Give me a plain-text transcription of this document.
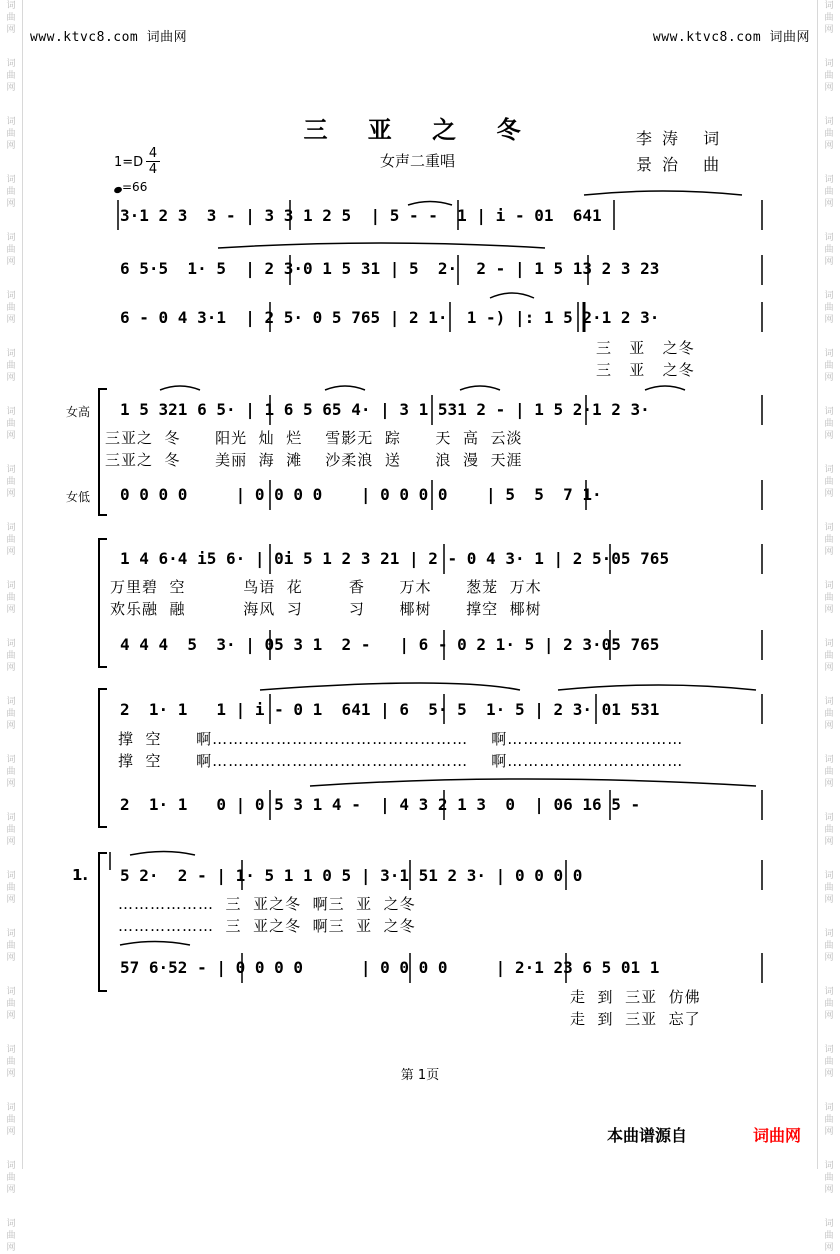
词
曲
网
词
曲
网
词
曲
网
词
曲
网
词
曲
网
词
曲
网
词
曲
网
词
曲
网
词
曲
网
词
曲
网
词
曲
网
词
曲
网
词
曲
网
词
曲
网
词
曲
网
词
曲
网
词
曲
网
词
曲
网
词
曲
网
词
曲
网
词
曲
网
词
曲
网
词
曲
网
词
曲
网
词
曲
网
词
曲
网
词
曲
网
词
曲
网
词
曲
网
词
曲
网
词
曲
网
词
曲
网
词
曲
网
词
曲
网
词
曲
网
词
曲
网
词
曲
网
词
曲
网
词
曲
网
词
曲
网
词
曲
网
词
曲
网
词
曲
网
词
曲
网
www.ktvc8.com 词曲网	www.ktvc8.com 词曲网
三 亚 之 冬
女声二重唱
李涛 词
景治 曲
1=D
4
4
=66
3·1 2 3  3 - | 3 3 1 2 5  | 5 - -  1 | i - 01  641
6 5·5  1· 5  | 2 3·0 1 5 31 | 5  2·  2 - | 1 5 13 2 3 23
6 - 0 4 3·1  | 2 5· 0 5 765 | 2 1·  1 -) |: 1 5 2·1 2 3·
三   亚   之冬
三   亚   之冬
女高
女低
1 5 321 6 5· | 1 6 5 65 4· | 3 1 531 2 - | 1 5 2·1 2 3·
三亚之  冬      阳光  灿  烂    雪影无  踪      天  高  云淡
三亚之  冬      美丽  海  滩    沙柔浪  送      浪  漫  天涯
0 0 0 0     | 0 0 0 0    | 0 0 0 0    | 5  5  7 1·
1 4 6·4 i5 6· | 0i 5 1 2 3 21 | 2 - 0 4 3· 1 | 2 5·05 765
万里碧  空          鸟语  花        香      万木      葱茏  万木
欢乐融  融          海风  习        习      椰树      撑空  椰树
4 4 4  5  3· | 05 3 1  2 -   | 6 - 0 2 1· 5 | 2 3·05 765
2  1· 1   1 | i - 0 1  641 | 6  5· 5  1· 5 | 2 3· 01 531
撑  空      啊…………………………………………    啊……………………………
撑  空      啊…………………………………………    啊……………………………
2  1· 1   0 | 0 5 3 1 4 -  | 4 3 2 1 3  0  | 06 16 5 -
1. 5 2·  2 - | 1· 5 1 1 0 5 | 3·1 51 2 3· | 0 0 0 0
………………  三  亚之冬  啊三  亚  之冬
………………  三  亚之冬  啊三  亚  之冬
57 6·52 - | 0 0 0 0      | 0 0 0 0     | 2·1 23 6 5 01 1
走  到  三亚  仿佛
走  到  三亚  忘了
第 1页
本曲谱源自	词曲网
